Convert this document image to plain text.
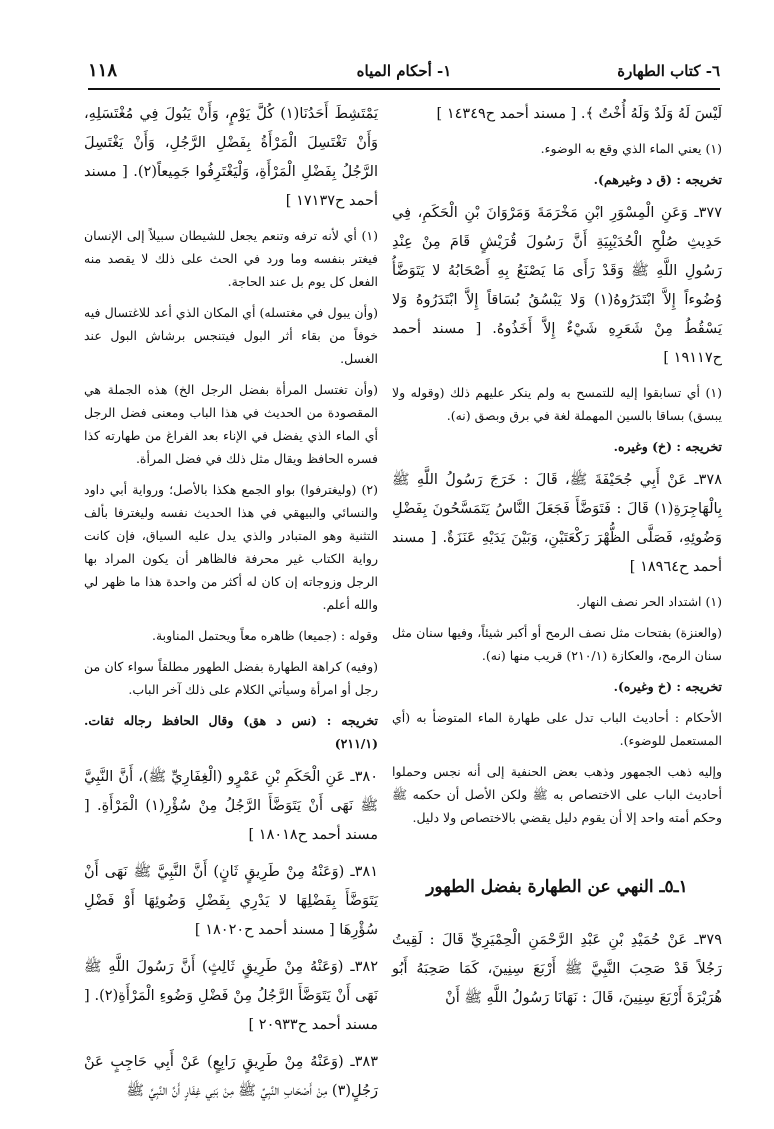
٦- كتاب الطهارة
١- أحكام المياه
١١٨

لَيْسَ لَهُ وَلَدٌ وَلَهُ أُخْتٌ ﴾. [ مسند أحمد ح١٤٣٤٩ ]

(١) يعني الماء الذي وقع به الوضوء.

تخريجه : (ق د وغيرهم).

٣٧٧ـ وَعَنِ الْمِسْوَرِ ابْنِ مَخْرَمَةَ وَمَرْوَانَ بْنِ الْحَكَمِ، فِي حَدِيثِ صُلْحِ الْحُدَيْبِيَةِ أَنَّ رَسُولَ قُرَيْشٍ قَامَ مِنْ عِنْدِ رَسُولِ اللَّهِ ﷺ وَقَدْ رَأَى مَا يَصْنَعُ بِهِ أَصْحَابُهُ لا يَتَوَضَّأُ وُضُوءاً إِلاَّ ابْتَدَرُوهُ(١) وَلا يَبْسُقُ بُسَاقاً إِلاَّ ابْتَدَرُوهُ وَلا يَسْقُطُ مِنْ شَعَرِهِ شَيْءٌ إِلاَّ أَخَذُوهُ. [ مسند أحمد ح١٩١١٧ ]

(١) أي تسابقوا إليه للتمسح به ولم ينكر عليهم ذلك (وقوله ولا يبسق) بساقا بالسين المهملة لغة في برق وبصق (نه).

تخريجه : (خ) وغيره.

٣٧٨ـ عَنْ أَبِي جُحَيْفَةَ ﷺ، قَالَ : خَرَجَ رَسُولُ اللَّهِ ﷺ بِالْهَاجِرَةِ(١) قَالَ : فَتَوَضَّأَ فَجَعَلَ النَّاسُ يَتَمَسَّحُونَ بِفَضْلِ وَضُوئِهِ، فَصَلَّى الظُّهْرَ رَكْعَتَيْنِ، وَبَيْنَ يَدَيْهِ عَنَزَةٌ. [ مسند أحمد ح١٨٩٦٤ ]

(١) اشتداد الحر نصف النهار.

(والعنزة) بفتحات مثل نصف الرمح أو أكبر شيئاً، وفيها سنان مثل سنان الرمح، والعكازة (٢١٠/١) قريب منها (نه).

تخريجه : (خ وغيره).

الأحكام : أحاديث الباب تدل على طهارة الماء المتوضأ به (أي المستعمل للوضوء).

وإليه ذهب الجمهور وذهب بعض الحنفية إلى أنه نجس وحملوا أحاديث الباب على الاختصاص به ﷺ ولكن الأصل أن حكمه ﷺ وحكم أمته واحد إلا أن يقوم دليل يقضي بالاختصاص ولا دليل.

١ـ٥ـ النهي عن الطهارة بفضل الطهور

٣٧٩ـ عَنْ حُمَيْدِ بْنِ عَبْدِ الرَّحْمَنِ الْحِمْيَرِيِّ قَالَ : لَقِيتُ رَجُلاً قَدْ صَحِبَ النَّبِيَّ ﷺ أَرْبَعَ سِنِينَ، كَمَا صَحِبَهُ أَبُو هُرَيْرَةَ أَرْبَعَ سِنِينَ، قَالَ : نَهَانَا رَسُولُ اللَّهِ ﷺ أَنْ

يَمْتَشِطَ أَحَدُنَا(١) كُلَّ يَوْمٍ، وَأَنْ يَبُولَ فِي مُغْتَسَلِهِ، وَأَنْ تَغْتَسِلَ الْمَرْأَةُ بِفَضْلِ الرَّجُلِ، وَأَنْ يَغْتَسِلَ الرَّجُلُ بِفَضْلِ الْمَرْأَةِ، وَلْيَغْتَرِفُوا جَمِيعاً(٢). [ مسند أحمد ح١٧١٣٧ ]

(١) أي لأنه ترفه وتنعم يجعل للشيطان سبيلاً إلى الإنسان فيغتر بنفسه وما ورد في الحث على ذلك لا يقصد منه الفعل كل يوم بل عند الحاجة.

(وأن يبول في مغتسله) أي المكان الذي أعد للاغتسال فيه خوفاً من بقاء أثر البول فيتنجس برشاش البول عند الغسل.

(وأن تغتسل المرأة بفضل الرجل الخ) هذه الجملة هي المقصودة من الحديث في هذا الباب ومعنى فضل الرجل أي الماء الذي يفضل في الإناء بعد الفراغ من طهارته كذا فسره الحافظ ويقال مثل ذلك في فضل المرأة.

(٢) (وليغترفوا) بواو الجمع هكذا بالأصل؛ ورواية أبي داود والنسائي والبيهقي في هذا الحديث نفسه وليغترفا بألف التثنية وهو المتبادر والذي يدل عليه السياق، فإن كانت رواية الكتاب غير محرفة فالظاهر أن يكون المراد بها الرجل وزوجاته إن كان له أكثر من واحدة هذا ما ظهر لي والله أعلم.

وقوله : (جميعا) ظاهره معاً ويحتمل المناوبة.

(وفيه) كراهة الطهارة بفضل الطهور مطلقاً سواء كان من رجل أو امرأة وسيأتي الكلام على ذلك آخر الباب.

تخريجه : (نس د هق) وقال الحافظ رجاله ثقات. (٢١١/١)

٣٨٠ـ عَنِ الْحَكَمِ بْنِ عَمْرٍو (الْغِفَارِيِّ ﷺ)، أَنَّ النَّبِيَّ ﷺ نَهَى أَنْ يَتَوَضَّأَ الرَّجُلُ مِنْ سُؤْرِ(١) الْمَرْأَةِ. [ مسند أحمد ح١٨٠١٨ ]

٣٨١ـ (وَعَنْهُ مِنْ طَرِيقٍ ثَانٍ) أَنَّ النَّبِيَّ ﷺ نَهَى أَنْ يَتَوَضَّأَ بِفَضْلِهَا لا يَدْرِي بِفَضْلِ وَضُوئِهَا أَوْ فَضْلِ سُؤْرِهَا [ مسند أحمد ح١٨٠٢٠ ]

٣٨٢ـ (وَعَنْهُ مِنْ طَرِيقٍ ثَالِثٍ) أَنَّ رَسُولَ اللَّهِ ﷺ نَهَى أَنْ يَتَوَضَّأَ الرَّجُلُ مِنْ فَضْلِ وَضُوءِ الْمَرْأَةِ(٢). [ مسند أحمد ح٢٠٩٣٣ ]

٣٨٣ـ (وَعَنْهُ مِنْ طَرِيقٍ رَابِعٍ) عَنْ أَبِي حَاجِبٍ عَنْ رَجُلٍ(٣) مِنْ أَصْحَابِ النَّبِيِّ ﷺ مِنْ بَنِي غِفَارٍ أَنَّ النَّبِيَّ ﷺ
